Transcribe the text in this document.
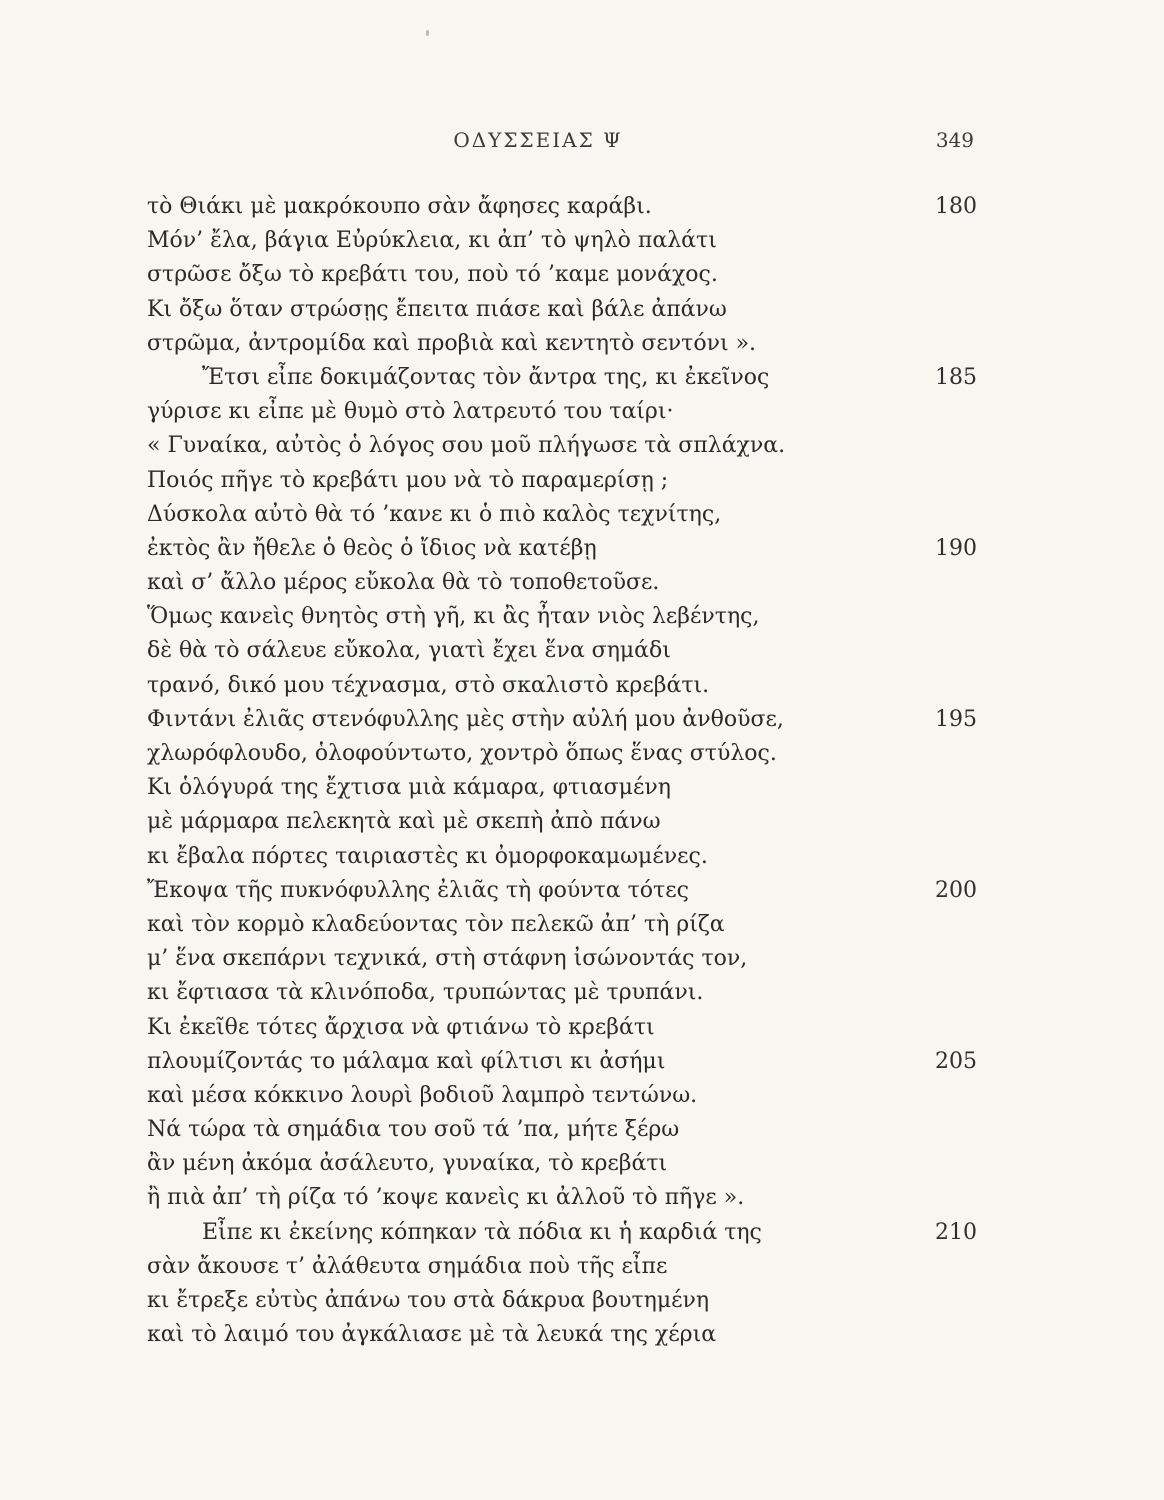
ΟΔΥΣΣΕΙΑΣ Ψ	349
τὸ Θιάκι μὲ μακρόκουπο σὰν ἄφησες καράβι.	180
Μόν’ ἔλα, βάγια Εὐρύκλεια, κι ἀπ’ τὸ ψηλὸ παλάτι
στρῶσε ὄξω τὸ κρεβάτι του, ποὺ τό ’καμε μονάχος.
Κι ὄξω ὅταν στρώσῃς ἔπειτα πιάσε καὶ βάλε ἀπάνω
στρῶμα, ἀντρομίδα καὶ προβιὰ καὶ κεντητὸ σεντόνι ».
Ἔτσι εἶπε δοκιμάζοντας τὸν ἄντρα της, κι ἐκεῖνος	185
γύρισε κι εἶπε μὲ θυμὸ στὸ λατρευτό του ταίρι·
« Γυναίκα, αὐτὸς ὁ λόγος σου μοῦ πλήγωσε τὰ σπλάχνα.
Ποιός πῆγε τὸ κρεβάτι μου νὰ τὸ παραμερίσῃ ;
Δύσκολα αὐτὸ θὰ τό ’κανε κι ὁ πιὸ καλὸς τεχνίτης,
ἐκτὸς ἂν ἤθελε ὁ θεὸς ὁ ἴδιος νὰ κατέβῃ	190
καὶ σ’ ἄλλο μέρος εὔκολα θὰ τὸ τοποθετοῦσε.
Ὅμως κανεὶς θνητὸς στὴ γῆ, κι ἂς ἦταν νιὸς λεβέντης,
δὲ θὰ τὸ σάλευε εὔκολα, γιατὶ ἔχει ἕνα σημάδι
τρανό, δικό μου τέχνασμα, στὸ σκαλιστὸ κρεβάτι.
Φιντάνι ἐλιᾶς στενόφυλλης μὲς στὴν αὐλή μου ἀνθοῦσε,	195
χλωρόφλουδο, ὁλοφούντωτο, χοντρὸ ὅπως ἕνας στύλος.
Κι ὁλόγυρά της ἔχτισα μιὰ κάμαρα, φτιασμένη
μὲ μάρμαρα πελεκητὰ καὶ μὲ σκεπὴ ἀπὸ πάνω
κι ἔβαλα πόρτες ταιριαστὲς κι ὀμορφοκαμωμένες.
Ἔκοψα τῆς πυκνόφυλλης ἐλιᾶς τὴ φούντα τότες	200
καὶ τὸν κορμὸ κλαδεύοντας τὸν πελεκῶ ἀπ’ τὴ ρίζα
μ’ ἕνα σκεπάρνι τεχνικά, στὴ στάφνη ἰσώνοντάς τον,
κι ἔφτιασα τὰ κλινόποδα, τρυπώντας μὲ τρυπάνι.
Κι ἐκεῖθε τότες ἄρχισα νὰ φτιάνω τὸ κρεβάτι
πλουμίζοντάς το μάλαμα καὶ φίλτισι κι ἀσήμι	205
καὶ μέσα κόκκινο λουρὶ βοδιοῦ λαμπρὸ τεντώνω.
Νά τώρα τὰ σημάδια του σοῦ τά ’πα, μήτε ξέρω
ἂν μένη ἀκόμα ἀσάλευτο, γυναίκα, τὸ κρεβάτι
ἢ πιὰ ἀπ’ τὴ ρίζα τό ’κοψε κανεὶς κι ἀλλοῦ τὸ πῆγε ».
Εἶπε κι ἐκείνης κόπηκαν τὰ πόδια κι ἡ καρδιά της	210
σὰν ἄκουσε τ’ ἀλάθευτα σημάδια ποὺ τῆς εἶπε
κι ἔτρεξε εὐτὺς ἀπάνω του στὰ δάκρυα βουτημένη
καὶ τὸ λαιμό του ἀγκάλιασε μὲ τὰ λευκά της χέρια
